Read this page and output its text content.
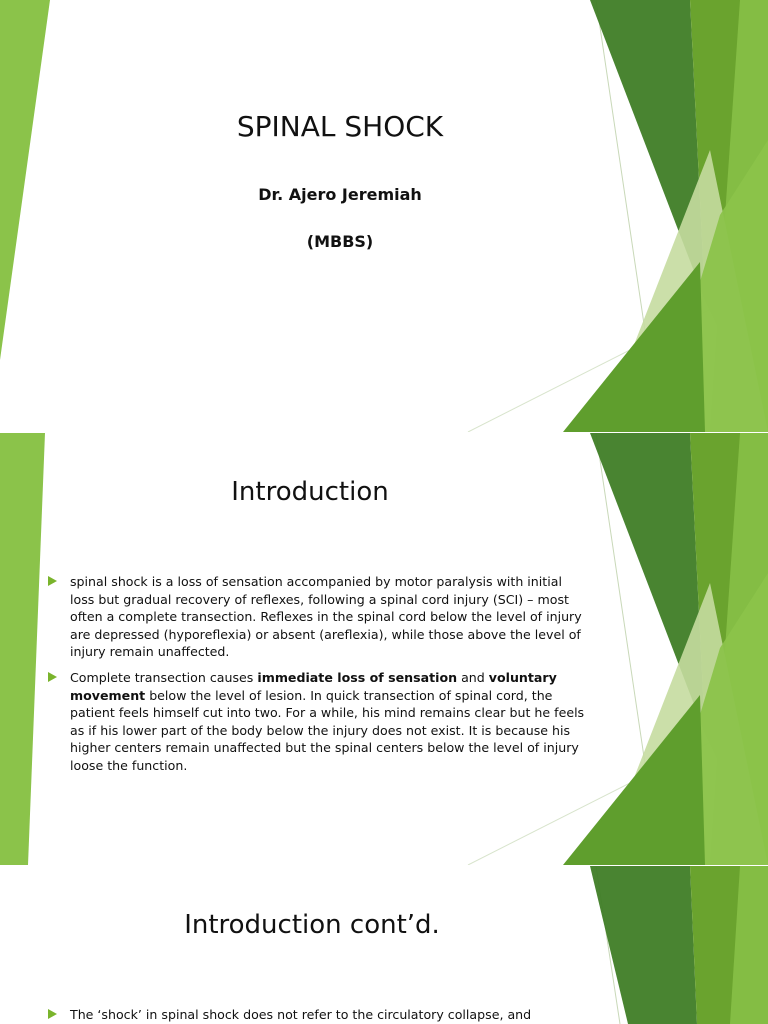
SPINAL SHOCK
Dr. Ajero Jeremiah
(MBBS)
Introduction
spinal shock is a loss of sensation accompanied by motor paralysis with initial loss but gradual recovery of reflexes, following a spinal cord injury (SCI) – most often a complete transection. Reflexes in the spinal cord below the level of injury are depressed (hyporeflexia) or absent (areflexia), while those above the level of injury remain unaffected.
Complete transection causes immediate loss of sensation and voluntary movement below the level of lesion. In quick transection of spinal cord, the patient feels himself cut into two. For a while, his mind remains clear but he feels as if his lower part of the body below the injury does not exist. It is because his higher centers remain unaffected but the spinal centers below the level of injury loose the function.
Introduction cont’d.
The ‘shock’ in spinal shock does not refer to the circulatory collapse, and
